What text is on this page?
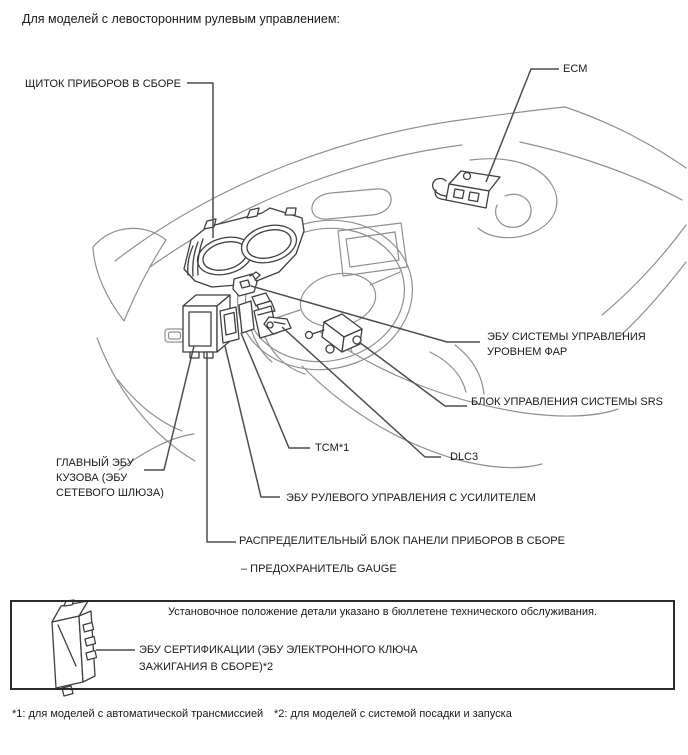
Для моделей с левосторонним рулевым управлением:
ЩИТОК ПРИБОРОВ В СБОРЕ
ECM
ЭБУ СИСТЕМЫ УПРАВЛЕНИЯ
УРОВНЕМ ФАР
БЛОК УПРАВЛЕНИЯ СИСТЕМЫ SRS
TCM*1
DLC3
ГЛАВНЫЙ ЭБУ
КУЗОВА (ЭБУ
СЕТЕВОГО ШЛЮЗА)	ЭБУ РУЛЕВОГО УПРАВЛЕНИЯ С УСИЛИТЕЛЕМ
РАСПРЕДЕЛИТЕЛЬНЫЙ БЛОК ПАНЕЛИ ПРИБОРОВ В СБОРЕ
– ПРЕДОХРАНИТЕЛЬ GAUGE
Установочное положение детали указано в бюллетене технического обслуживания.
ЭБУ СЕРТИФИКАЦИИ (ЭБУ ЭЛЕКТРОННОГО КЛЮЧА
ЗАЖИГАНИЯ В СБОРЕ)*2
*1: для моделей с автоматической трансмиссией *2: для моделей с системой посадки и запуска
